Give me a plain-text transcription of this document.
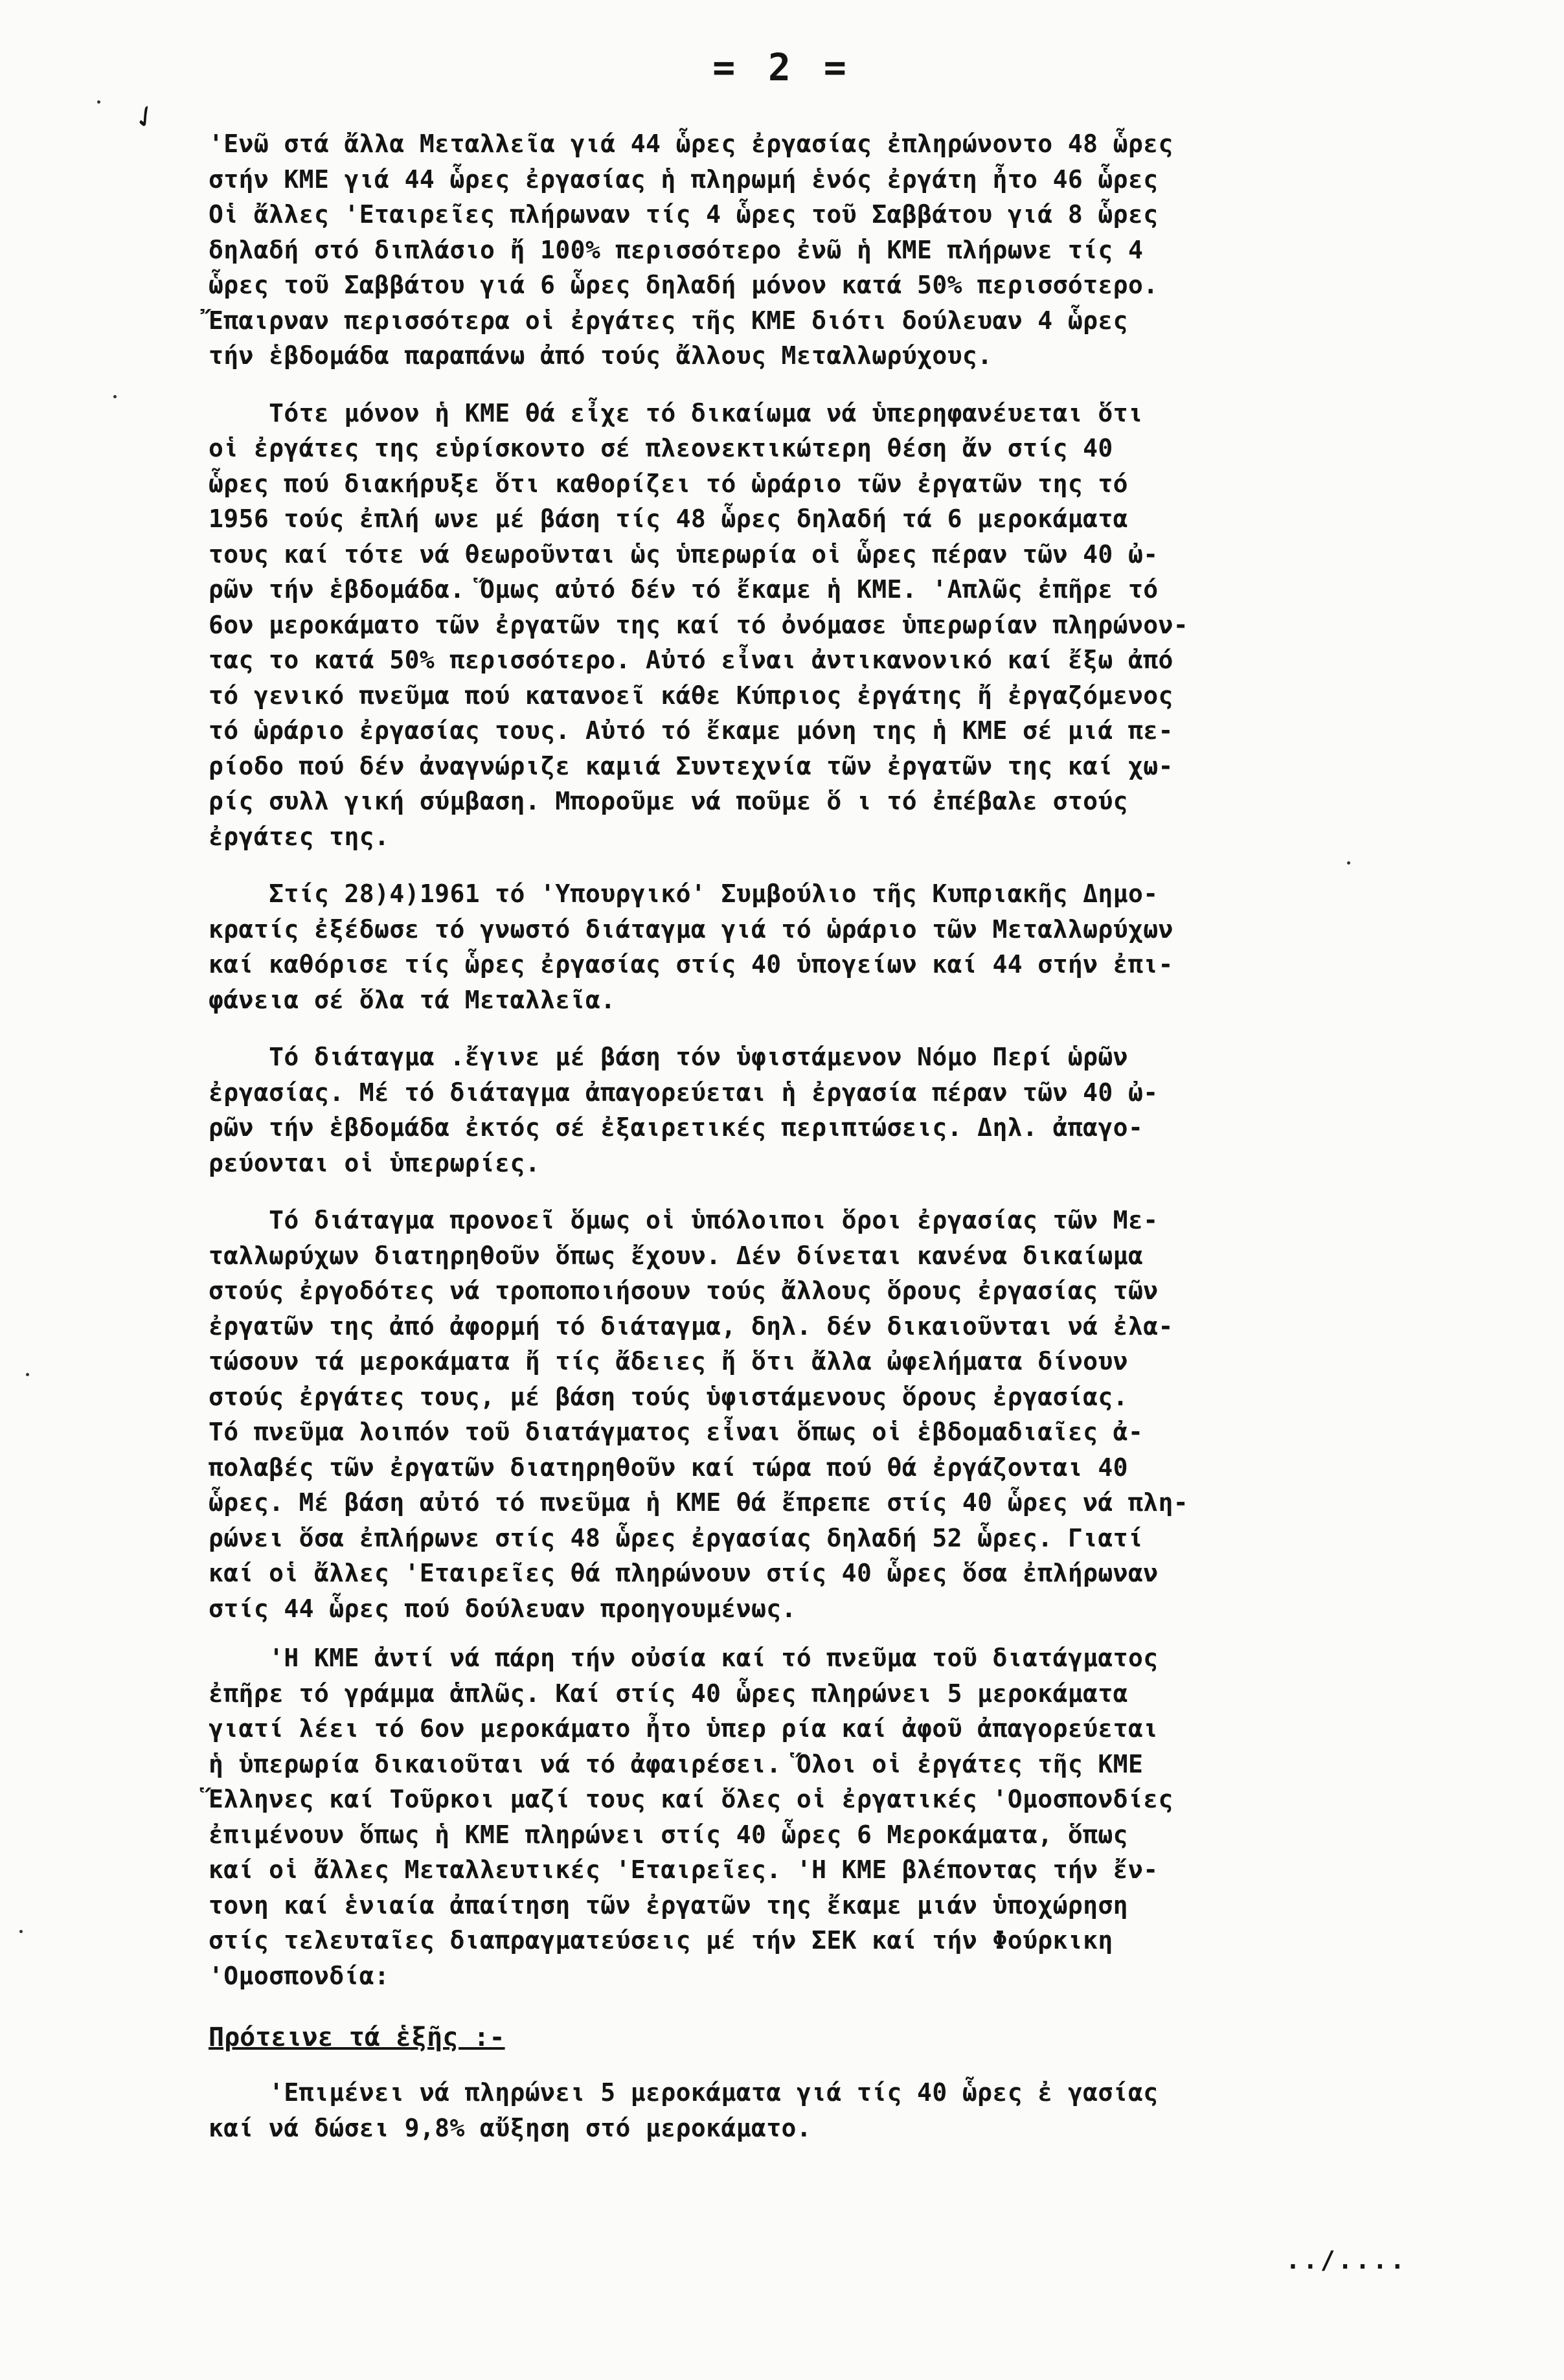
= 2 =
✓

'Ενῶ στά ἄλλα Μεταλλεῖα γιά 44 ὧρες ἐργασίας ἐπληρώνοντο 48 ὧρες
στήν ΚΜΕ γιά 44 ὧρες ἐργασίας ἡ πληρωμή ἑνός ἐργάτη ἦτο 46 ὧρες
Οἱ ἄλλες 'Εταιρεῖες πλήρωναν τίς 4 ὧρες τοῦ Σαββάτου γιά 8 ὧρες
δηλαδή στό διπλάσιο ἤ 100% περισσότερο ἐνῶ ἡ ΚΜΕ πλήρωνε τίς 4
ὧρες τοῦ Σαββάτου γιά 6 ὧρες δηλαδή μόνον κατά 50% περισσότερο.
Ἔπαιρναν περισσότερα οἱ ἐργάτες τῆς ΚΜΕ διότι δούλευαν 4 ὧρες
τήν ἑβδομάδα παραπάνω ἀπό τούς ἄλλους Μεταλλωρύχους.

Τότε μόνον ἡ ΚΜΕ θά εἶχε τό δικαίωμα νά ὑπερηφανέυεται ὅτι
οἱ ἐργάτες της εὑρίσκοντο σέ πλεονεκτικώτερη θέση ἄν στίς 40
ὧρες πού διακήρυξε ὅτι καθορίζει τό ὡράριο τῶν ἐργατῶν της τό
1956 τούς ἐπλή ωνε μέ βάση τίς 48 ὧρες δηλαδή τά 6 μεροκάματα
τους καί τότε νά θεωροῦνται ὡς ὑπερωρία οἱ ὧρες πέραν τῶν 40 ὠ-
ρῶν τήν ἑβδομάδα. Ὅμως αὐτό δέν τό ἔκαμε ἡ ΚΜΕ. 'Απλῶς ἐπῆρε τό
6ον μεροκάματο τῶν ἐργατῶν της καί τό ὀνόμασε ὑπερωρίαν πληρώνον-
τας το κατά 50% περισσότερο. Αὐτό εἶναι ἀντικανονικό καί ἔξω ἀπό
τό γενικό πνεῦμα πού κατανοεῖ κάθε Κύπριος ἐργάτης ἤ ἐργαζόμενος
τό ὡράριο ἐργασίας τους. Αὐτό τό ἔκαμε μόνη της ἡ ΚΜΕ σέ μιά πε-
ρίοδο πού δέν ἀναγνώριζε καμιά Συντεχνία τῶν ἐργατῶν της καί χω-
ρίς συλλ γική σύμβαση. Μποροῦμε νά ποῦμε ὅ ι τό ἐπέβαλε στούς
ἐργάτες της.

Στίς 28)4)1961 τό 'Υπουργικό' Συμβούλιο τῆς Κυπριακῆς Δημο-
κρατίς ἐξέδωσε τό γνωστό διάταγμα γιά τό ὡράριο τῶν Μεταλλωρύχων
καί καθόρισε τίς ὧρες ἐργασίας στίς 40 ὑπογείων καί 44 στήν ἐπι-
φάνεια σέ ὅλα τά Μεταλλεῖα.

Τό διάταγμα .ἔγινε μέ βάση τόν ὑφιστάμενον Νόμο Περί ὡρῶν
ἐργασίας. Μέ τό διάταγμα ἀπαγορεύεται ἡ ἐργασία πέραν τῶν 40 ὠ-
ρῶν τήν ἑβδομάδα ἐκτός σέ ἐξαιρετικές περιπτώσεις. Δηλ. ἀπαγο-
ρεύονται οἱ ὑπερωρίες.

Τό διάταγμα προνοεῖ ὅμως οἱ ὑπόλοιποι ὅροι ἐργασίας τῶν Με-
ταλλωρύχων διατηρηθοῦν ὅπως ἔχουν. Δέν δίνεται κανένα δικαίωμα
στούς ἐργοδότες νά τροποποιήσουν τούς ἄλλους ὅρους ἐργασίας τῶν
ἐργατῶν της ἀπό ἀφορμή τό διάταγμα, δηλ. δέν δικαιοῦνται νά ἐλα-
τώσουν τά μεροκάματα ἤ τίς ἄδειες ἤ ὅτι ἄλλα ὠφελήματα δίνουν
στούς ἐργάτες τους, μέ βάση τούς ὑφιστάμενους ὅρους ἐργασίας.
Τό πνεῦμα λοιπόν τοῦ διατάγματος εἶναι ὅπως οἱ ἑβδομαδιαῖες ἀ-
πολαβές τῶν ἐργατῶν διατηρηθοῦν καί τώρα πού θά ἐργάζονται 40
ὧρες. Μέ βάση αὐτό τό πνεῦμα ἡ ΚΜΕ θά ἔπρεπε στίς 40 ὧρες νά πλη-
ρώνει ὅσα ἐπλήρωνε στίς 48 ὧρες ἐργασίας δηλαδή 52 ὧρες. Γιατί
καί οἱ ἄλλες 'Εταιρεῖες θά πληρώνουν στίς 40 ὧρες ὅσα ἐπλήρωναν
στίς 44 ὧρες πού δούλευαν προηγουμένως.

'Η ΚΜΕ ἀντί νά πάρη τήν οὐσία καί τό πνεῦμα τοῦ διατάγματος
ἐπῆρε τό γράμμα ἁπλῶς. Καί στίς 40 ὧρες πληρώνει 5 μεροκάματα
γιατί λέει τό 6ον μεροκάματο ἦτο ὑπερ ρία καί ἀφοῦ ἀπαγορεύεται
ἡ ὑπερωρία δικαιοῦται νά τό ἀφαιρέσει. Ὅλοι οἱ ἐργάτες τῆς ΚΜΕ
Ἕλληνες καί Τοῦρκοι μαζί τους καί ὅλες οἱ ἐργατικές 'Ομοσπονδίες
ἐπιμένουν ὅπως ἡ ΚΜΕ πληρώνει στίς 40 ὧρες 6 Μεροκάματα, ὅπως
καί οἱ ἄλλες Μεταλλευτικές 'Εταιρεῖες. 'Η ΚΜΕ βλέποντας τήν ἔν-
τονη καί ἑνιαία ἀπαίτηση τῶν ἐργατῶν της ἔκαμε μιάν ὑποχώρηση
στίς τελευταῖες διαπραγματεύσεις μέ τήν ΣΕΚ καί τήν Φούρκικη
'Ομοσπονδία:

Πρότεινε τά ἑξῆς :-

'Επιμένει νά πληρώνει 5 μεροκάματα γιά τίς 40 ὧρες ἐ γασίας
καί νά δώσει 9,8% αὔξηση στό μεροκάματο.

../....
